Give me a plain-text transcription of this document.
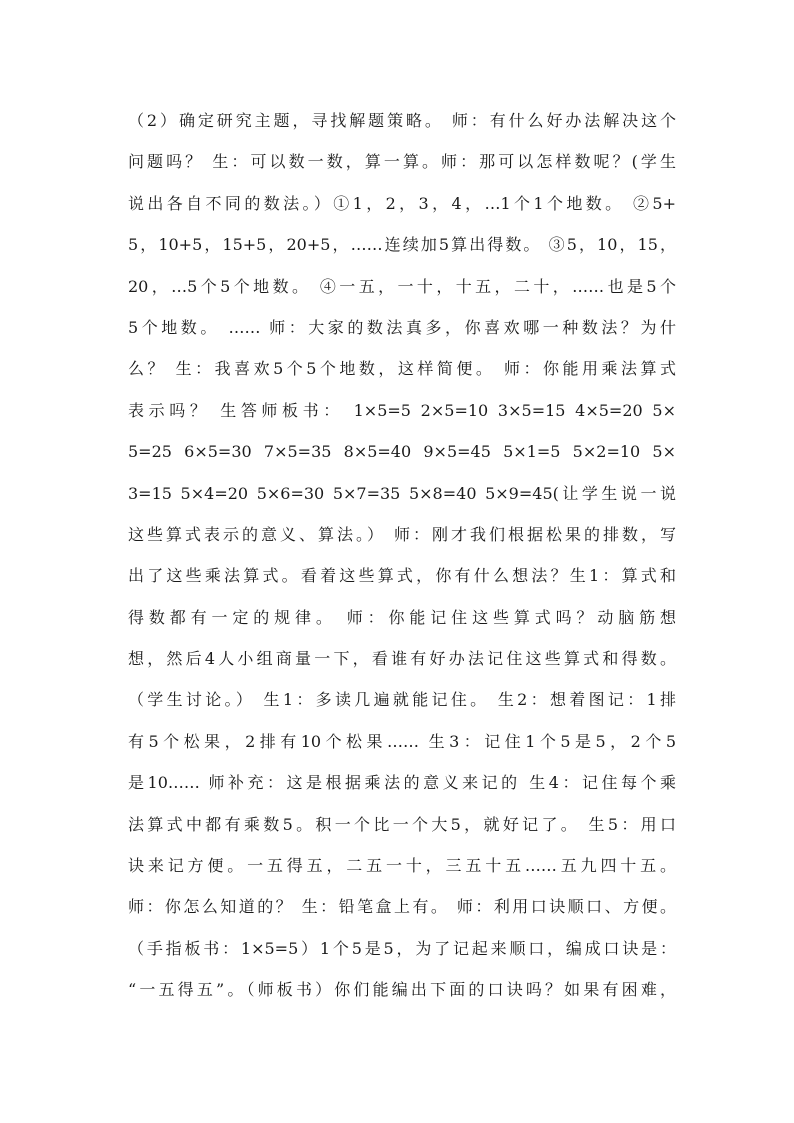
（2）确定研究主题，寻找解题策略。 师：有什么好办法解决这个
问题吗？ 生：可以数一数，算一算。师：那可以怎样数呢？(学生
说出各自不同的数法。）①1，2，3，4，…1个1个地数。 ②5+
5，10+5，15+5，20+5，……连续加5算出得数。 ③5，10，15，
20，…5个5个地数。 ④一五，一十，十五，二十，……也是5个
5个地数。 …… 师：大家的数法真多，你喜欢哪一种数法？为什
么？ 生：我喜欢5个5个地数，这样简便。 师：你能用乘法算式
表示吗？ 生答师板书： 1×5=5 2×5=10 3×5=15 4×5=20 5×
5=25 6×5=30 7×5=35 8×5=40 9×5=45 5×1=5 5×2=10 5×
3=15 5×4=20 5×6=30 5×7=35 5×8=40 5×9=45(让学生说一说
这些算式表示的意义、算法。） 师：刚才我们根据松果的排数，写
出了这些乘法算式。看着这些算式，你有什么想法？生1：算式和
得数都有一定的规律。 师：你能记住这些算式吗？动脑筋想
想，然后4人小组商量一下，看谁有好办法记住这些算式和得数。
（学生讨论。） 生1：多读几遍就能记住。 生2：想着图记：1排
有5个松果，2排有10个松果…… 生3：记住1个5是5，2个5
是10…… 师补充：这是根据乘法的意义来记的 生4：记住每个乘
法算式中都有乘数5。积一个比一个大5，就好记了。 生5：用口
诀来记方便。一五得五，二五一十，三五十五……五九四十五。
师：你怎么知道的？ 生：铅笔盒上有。 师：利用口诀顺口、方便。
（手指板书：1×5=5）1个5是5，为了记起来顺口，编成口诀是：
“一五得五”。（师板书）你们能编出下面的口诀吗？如果有困难，
